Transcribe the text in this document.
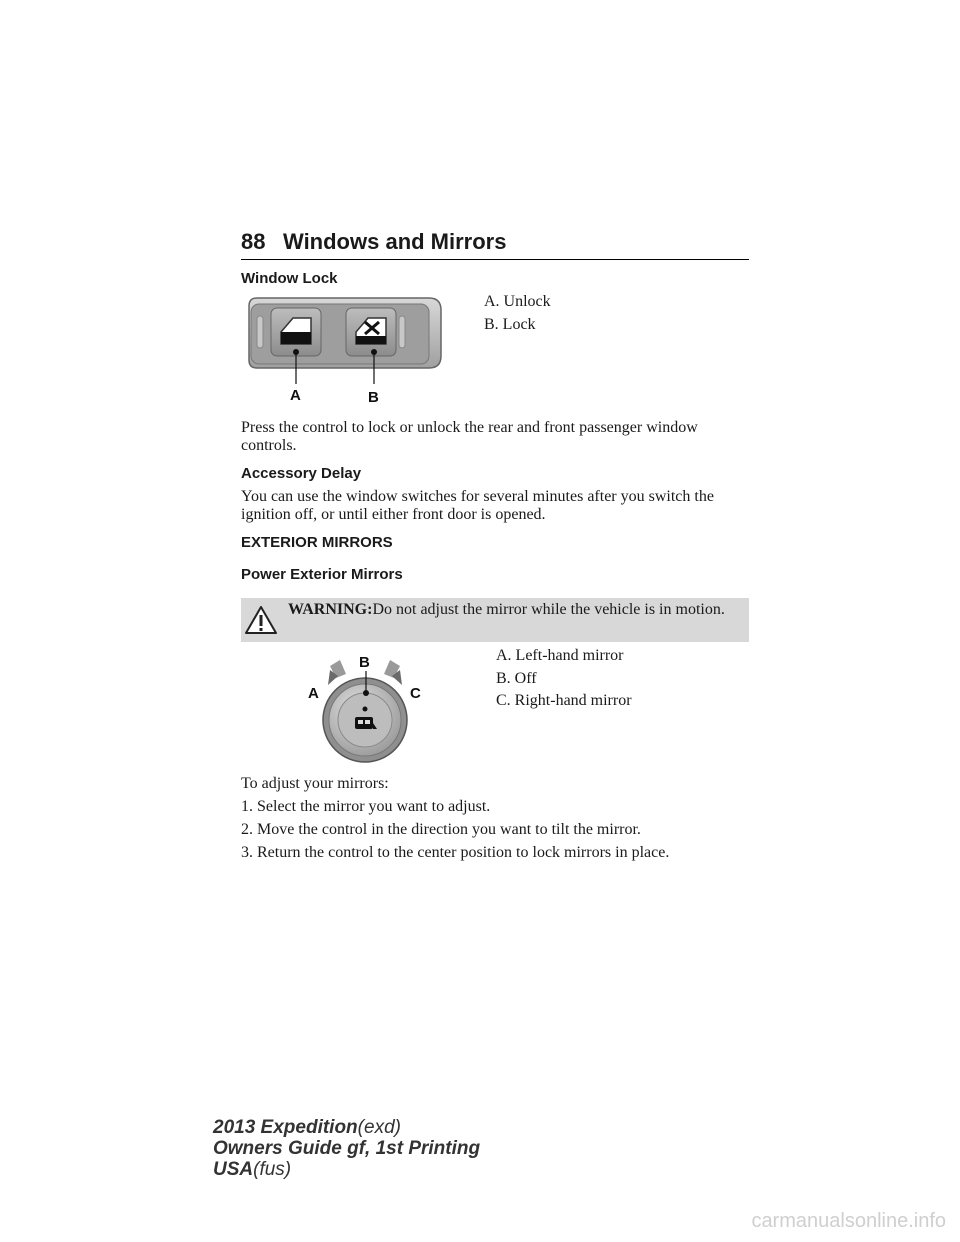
88 Windows and Mirrors
Window Lock
A	B
A. Unlock
B. Lock
Press the control to lock or unlock the rear and front passenger window controls.
Accessory Delay
You can use the window switches for several minutes after you switch the ignition off, or until either front door is opened.
EXTERIOR MIRRORS
Power Exterior Mirrors
WARNING:Do not adjust the mirror while the vehicle is in motion.
B
A	C
A. Left-hand mirror
B. Off
C. Right-hand mirror
To adjust your mirrors:
1. Select the mirror you want to adjust.
2. Move the control in the direction you want to tilt the mirror.
3. Return the control to the center position to lock mirrors in place.
2013 Expedition(exd)
Owners Guide gf, 1st Printing
USA(fus)
carmanualsonline.info
